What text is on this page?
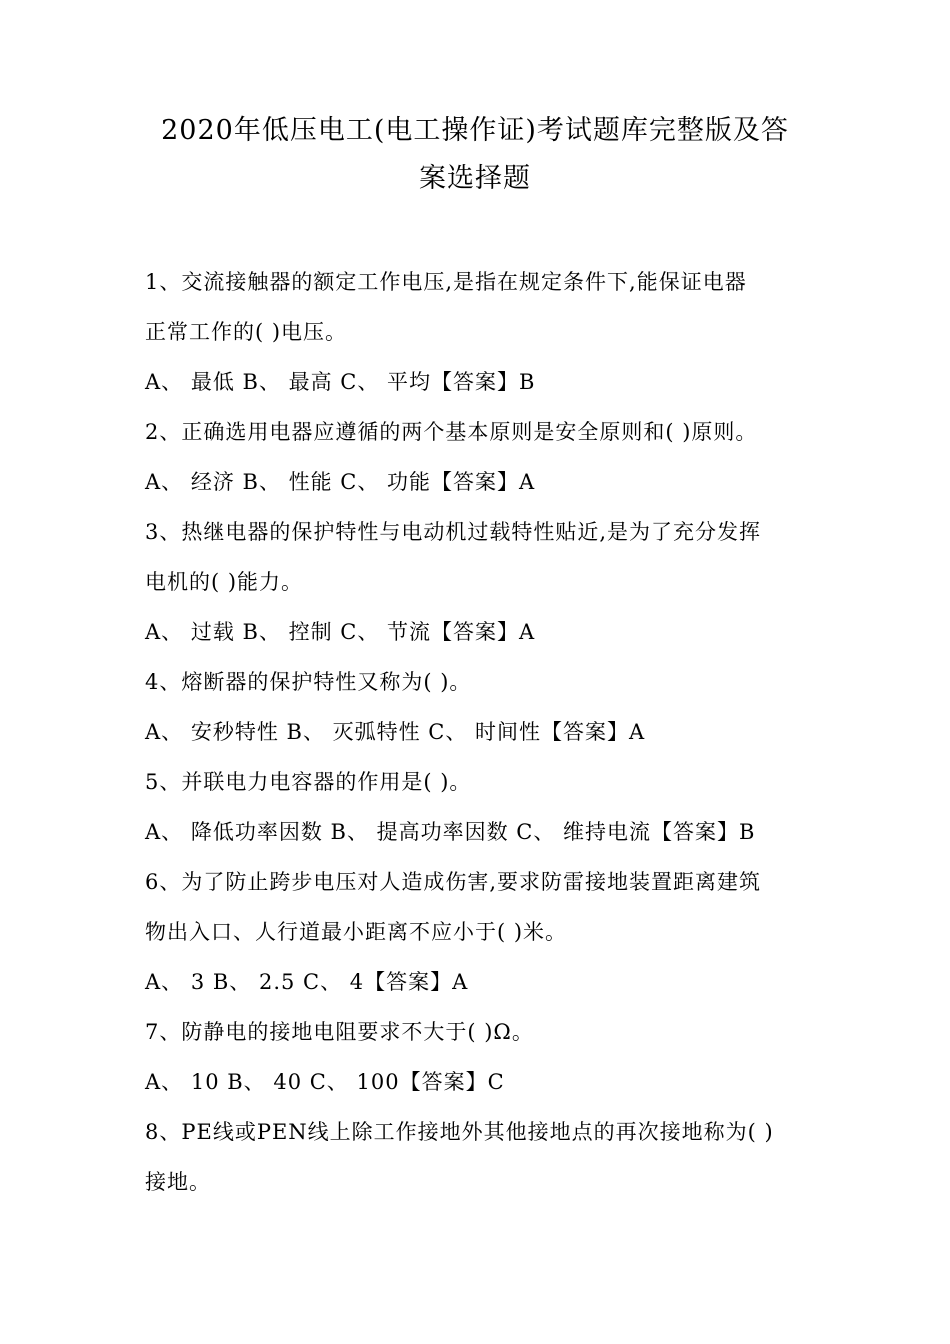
2020年低压电工(电工操作证)考试题库完整版及答
案选择题
1、交流接触器的额定工作电压,是指在规定条件下,能保证电器
正常工作的( )电压。
A、 最低 B、 最高 C、 平均【答案】B
2、正确选用电器应遵循的两个基本原则是安全原则和( )原则。
A、 经济 B、 性能 C、 功能【答案】A
3、热继电器的保护特性与电动机过载特性贴近,是为了充分发挥
电机的( )能力。
A、 过载 B、 控制 C、 节流【答案】A
4、熔断器的保护特性又称为( )。
A、 安秒特性 B、 灭弧特性 C、 时间性【答案】A
5、并联电力电容器的作用是( )。
A、 降低功率因数 B、 提高功率因数 C、 维持电流【答案】B
6、为了防止跨步电压对人造成伤害,要求防雷接地装置距离建筑
物出入口、人行道最小距离不应小于( )米。
A、 3 B、 2.5 C、 4【答案】A
7、防静电的接地电阻要求不大于( )Ω。
A、 10 B、 40 C、 100【答案】C
8、PE线或PEN线上除工作接地外其他接地点的再次接地称为( )
接地。
